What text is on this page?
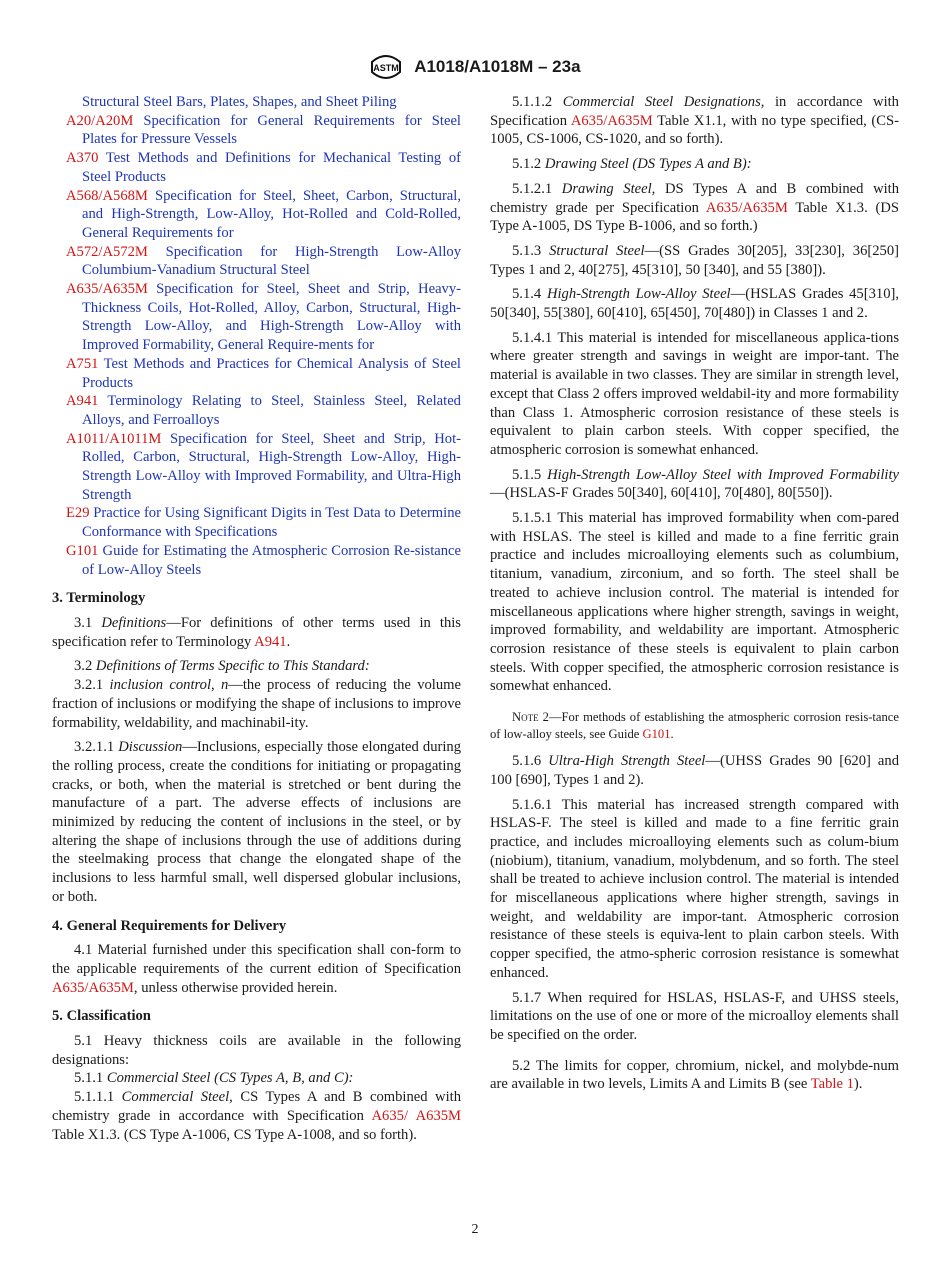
ASTM A1018/A1018M – 23a
Structural Steel Bars, Plates, Shapes, and Sheet Piling
A20/A20M Specification for General Requirements for Steel Plates for Pressure Vessels
A370 Test Methods and Definitions for Mechanical Testing of Steel Products
A568/A568M Specification for Steel, Sheet, Carbon, Structural, and High-Strength, Low-Alloy, Hot-Rolled and Cold-Rolled, General Requirements for
A572/A572M Specification for High-Strength Low-Alloy Columbium-Vanadium Structural Steel
A635/A635M Specification for Steel, Sheet and Strip, Heavy-Thickness Coils, Hot-Rolled, Alloy, Carbon, Structural, High-Strength Low-Alloy, and High-Strength Low-Alloy with Improved Formability, General Require-ments for
A751 Test Methods and Practices for Chemical Analysis of Steel Products
A941 Terminology Relating to Steel, Stainless Steel, Related Alloys, and Ferroalloys
A1011/A1011M Specification for Steel, Sheet and Strip, Hot-Rolled, Carbon, Structural, High-Strength Low-Alloy, High-Strength Low-Alloy with Improved Formability, and Ultra-High Strength
E29 Practice for Using Significant Digits in Test Data to Determine Conformance with Specifications
G101 Guide for Estimating the Atmospheric Corrosion Re-sistance of Low-Alloy Steels
3. Terminology

3.1 Definitions—For definitions of other terms used in this specification refer to Terminology A941.

3.2 Definitions of Terms Specific to This Standard:

3.2.1 inclusion control, n—the process of reducing the volume fraction of inclusions or modifying the shape of inclusions to improve formability, weldability, and machinabil-ity.

3.2.1.1 Discussion—Inclusions, especially those elongated during the rolling process, create the conditions for initiating or propagating cracks, or both, when the material is stretched or bent during the manufacture of a part. The adverse effects of inclusions are minimized by reducing the content of inclusions in the steel, or by altering the shape of inclusions through the use of additions during the steelmaking process that change the elongated shape of the inclusions to less harmful small, well dispersed globular inclusions, or both.

4. General Requirements for Delivery

4.1 Material furnished under this specification shall con-form to the applicable requirements of the current edition of Specification A635/A635M, unless otherwise provided herein.

5. Classification

5.1 Heavy thickness coils are available in the following designations:

5.1.1 Commercial Steel (CS Types A, B, and C):

5.1.1.1 Commercial Steel, CS Types A and B combined with chemistry grade in accordance with Specification A635/ A635M Table X1.3. (CS Type A-1006, CS Type A-1008, and so forth).

5.1.1.2 Commercial Steel Designations, in accordance with Specification A635/A635M Table X1.1, with no type specified, (CS-1005, CS-1006, CS-1020, and so forth).

5.1.2 Drawing Steel (DS Types A and B):

5.1.2.1 Drawing Steel, DS Types A and B combined with chemistry grade per Specification A635/A635M Table X1.3. (DS Type A-1005, DS Type B-1006, and so forth.)

5.1.3 Structural Steel—(SS Grades 30[205], 33[230], 36[250] Types 1 and 2, 40[275], 45[310], 50 [340], and 55 [380]).

5.1.4 High-Strength Low-Alloy Steel—(HSLAS Grades 45[310], 50[340], 55[380], 60[410], 65[450], 70[480]) in Classes 1 and 2.

5.1.4.1 This material is intended for miscellaneous applica-tions where greater strength and savings in weight are impor-tant. The material is available in two classes. They are similar in strength level, except that Class 2 offers improved weldabil-ity and more formability than Class 1. Atmospheric corrosion resistance of these steels is equivalent to plain carbon steels. With copper specified, the atmospheric corrosion is somewhat enhanced.

5.1.5 High-Strength Low-Alloy Steel with Improved Formability—(HSLAS-F Grades 50[340], 60[410], 70[480], 80[550]).

5.1.5.1 This material has improved formability when com-pared with HSLAS. The steel is killed and made to a fine ferritic grain practice and includes microalloying elements such as columbium, titanium, vanadium, zirconium, and so forth. The steel shall be treated to achieve inclusion control. The material is intended for miscellaneous applications where higher strength, savings in weight, improved formability, and weldability are important. Atmospheric corrosion resistance of these steels is equivalent to plain carbon steels. With copper specified, the atmospheric corrosion resistance is somewhat enhanced.

Note 2—For methods of establishing the atmospheric corrosion resis-tance of low-alloy steels, see Guide G101.

5.1.6 Ultra-High Strength Steel—(UHSS Grades 90 [620] and 100 [690], Types 1 and 2).

5.1.6.1 This material has increased strength compared with HSLAS-F. The steel is killed and made to a fine ferritic grain practice, and includes microalloying elements such as colum-bium (niobium), titanium, vanadium, molybdenum, and so forth. The steel shall be treated to achieve inclusion control. The material is intended for miscellaneous applications where higher strength, savings in weight, and weldability are impor-tant. Atmospheric corrosion resistance of these steels is equiva-lent to plain carbon steels. With copper specified, the atmo-spheric corrosion resistance is somewhat enhanced.

5.1.7 When required for HSLAS, HSLAS-F, and UHSS steels, limitations on the use of one or more of the microalloy elements shall be specified on the order.

5.2 The limits for copper, chromium, nickel, and molybde-num are available in two levels, Limits A and Limits B (see Table 1).

2
